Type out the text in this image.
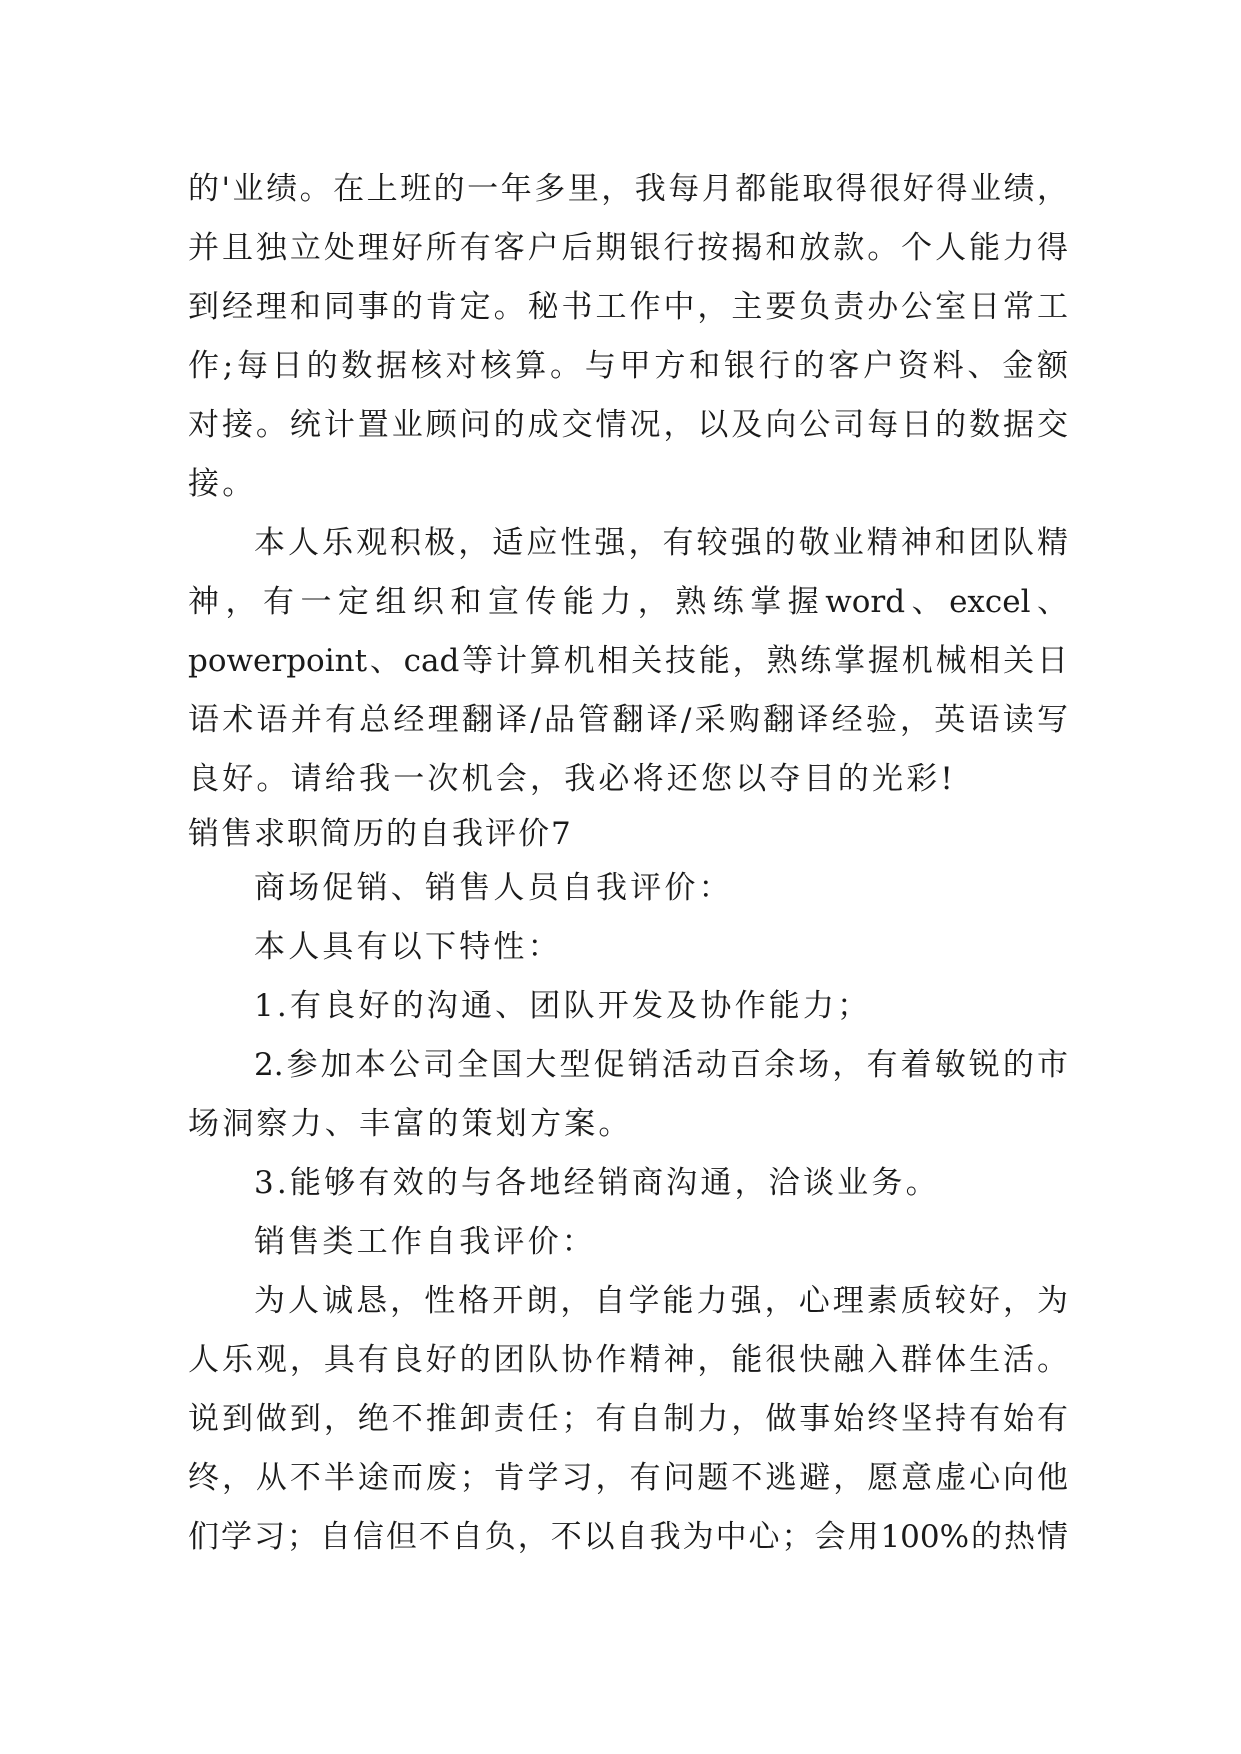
的'业绩。在上班的一年多里，我每月都能取得很好得业绩，
并且独立处理好所有客户后期银行按揭和放款。个人能力得
到经理和同事的肯定。秘书工作中，主要负责办公室日常工
作;每日的数据核对核算。与甲方和银行的客户资料、金额
对接。统计置业顾问的成交情况，以及向公司每日的数据交
接。
本人乐观积极，适应性强，有较强的敬业精神和团队精
神，有一定组织和宣传能力，熟练掌握word、excel、
powerpoint、cad等计算机相关技能，熟练掌握机械相关日
语术语并有总经理翻译/品管翻译/采购翻译经验，英语读写
良好。请给我一次机会，我必将还您以夺目的光彩!
销售求职简历的自我评价7
商场促销、销售人员自我评价：
本人具有以下特性：
1.有良好的沟通、团队开发及协作能力；
2.参加本公司全国大型促销活动百余场，有着敏锐的市
场洞察力、丰富的策划方案。
3.能够有效的与各地经销商沟通，洽谈业务。
销售类工作自我评价：
为人诚恳，性格开朗，自学能力强，心理素质较好，为
人乐观，具有良好的团队协作精神，能很快融入群体生活。
说到做到，绝不推卸责任；有自制力，做事始终坚持有始有
终，从不半途而废；肯学习，有问题不逃避，愿意虚心向他
们学习；自信但不自负，不以自我为中心；会用100%的热情
